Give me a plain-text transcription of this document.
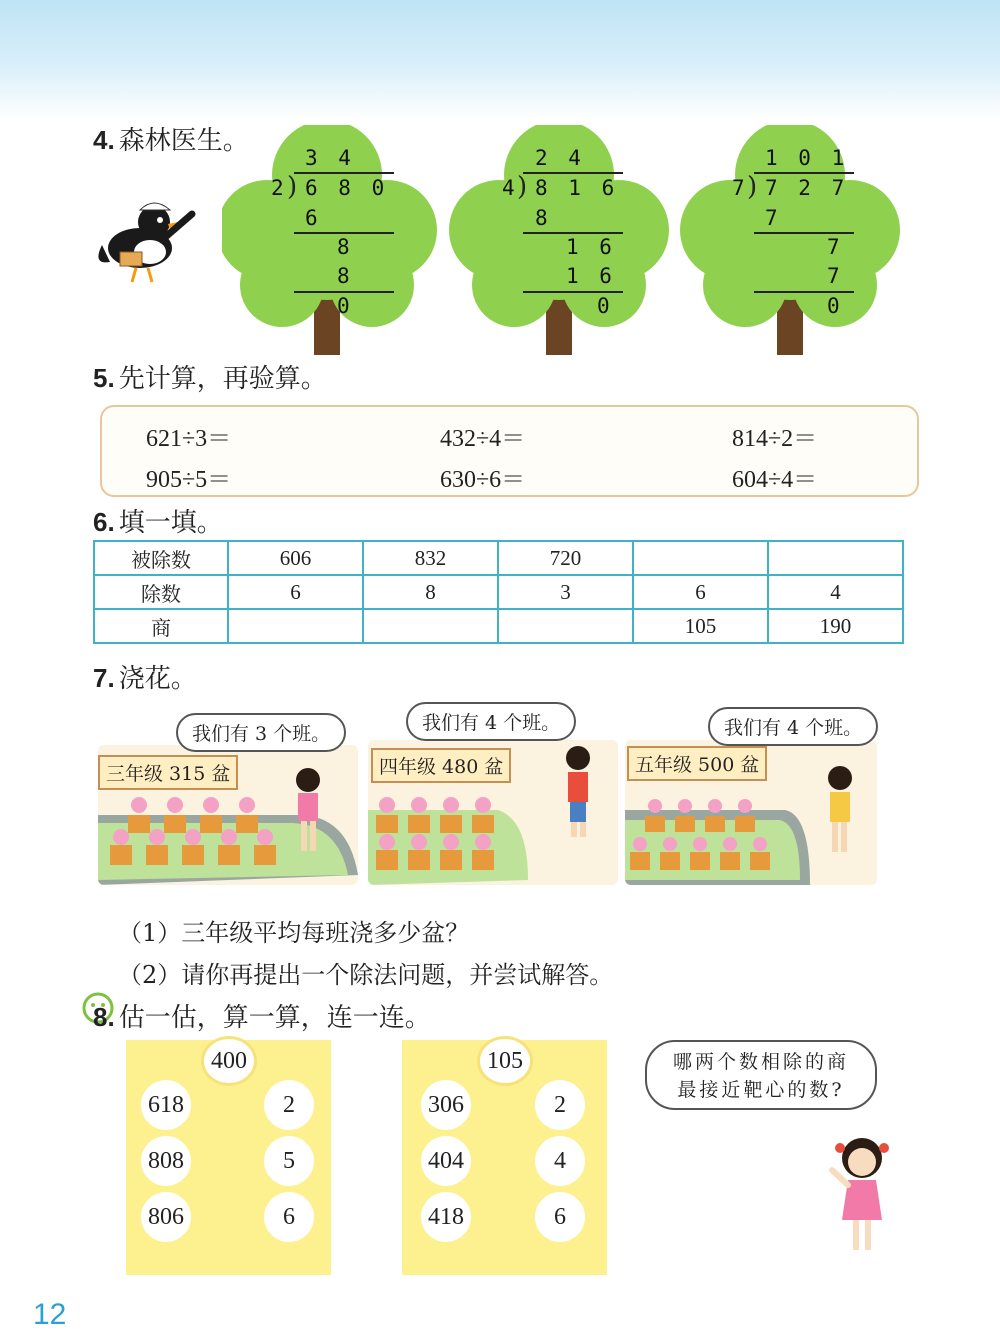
4. 森林医生。
3 4
2 ) 6 8 0
6
8
8
0
2 4
4
) 8 1 6
8
1 6
1 6
0
1 0 1
7
) 7 2 7
7
7
7
0
5. 先计算，再验算。
621÷3＝	432÷4＝	814÷2＝
905÷5＝	630÷6＝	604÷4＝
6. 填一填。
被除数	606	832	720		
除数	6	8	3	6	4
商				105	190
7. 浇花。
三年级 315 盆
我们有 3 个班。
四年级 480 盆
我们有 4 个班。
五年级 500 盆
我们有 4 个班。
（1）三年级平均每班浇多少盆？
（2）请你再提出一个除法问题，并尝试解答。
8. 估一估，算一算，连一连。
400
618
808
806
2
5
6
105
306
404
418
2
4
6
哪两个数相除的商
最接近靶心的数?
12
